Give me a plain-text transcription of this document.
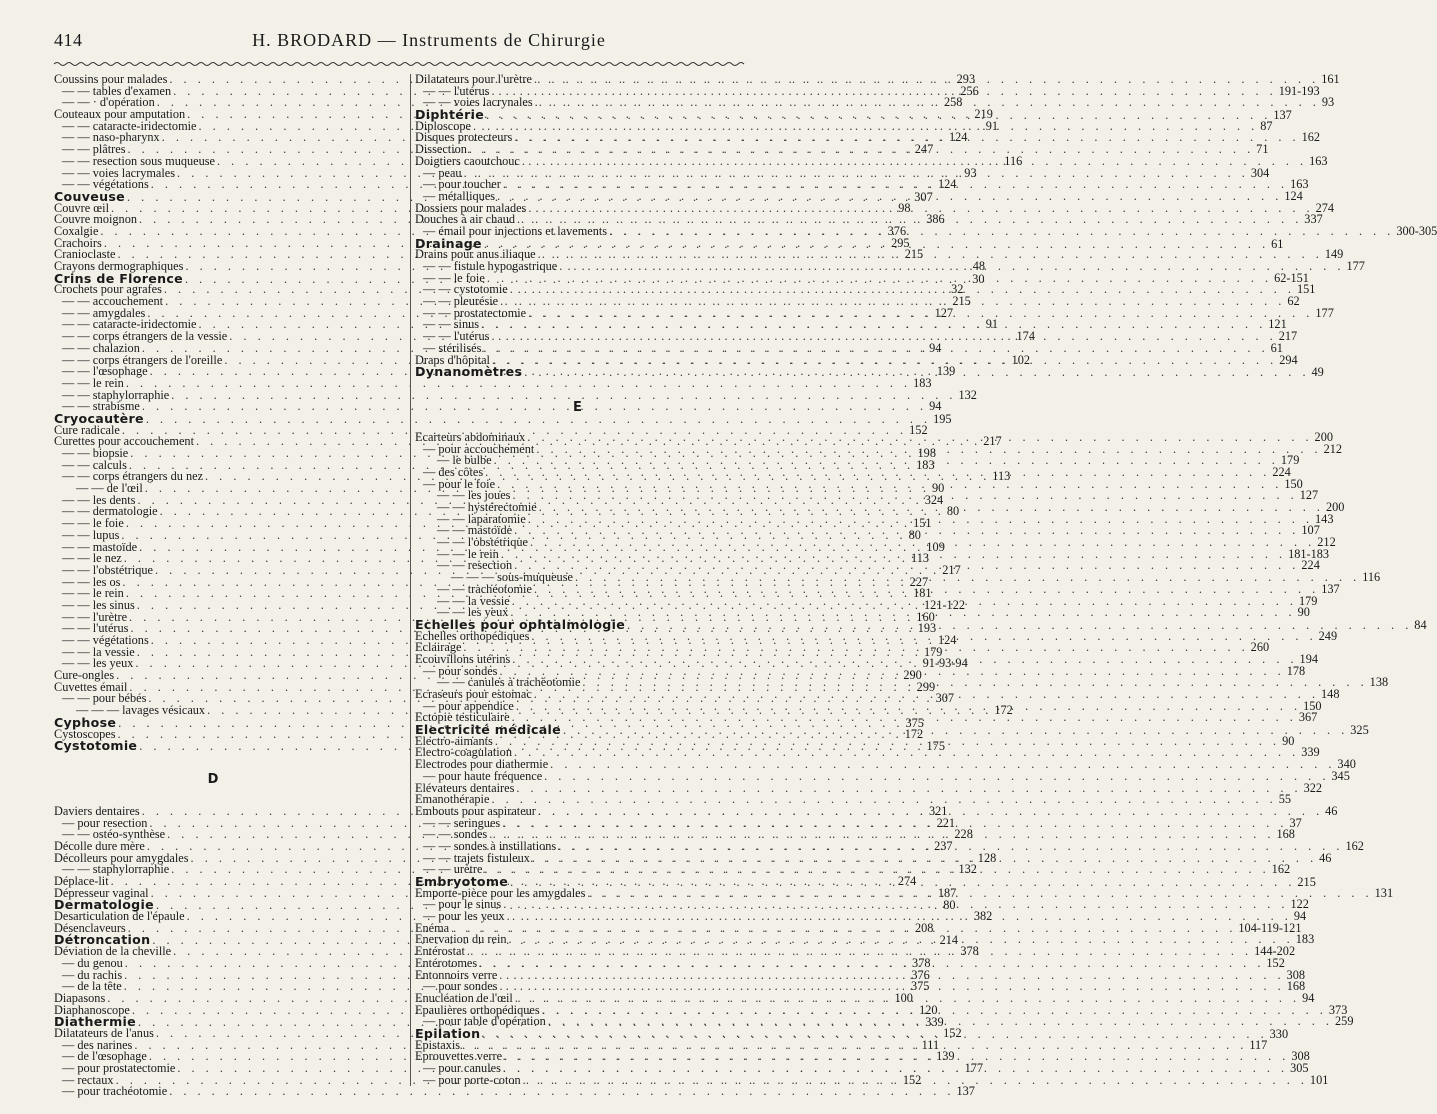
414	H. BRODARD — Instruments de Chirurgie
Coussins pour malades . . .	293
— — tables d'examen . . .	256
— — · d'opération . . .	258
Couteaux pour amputation . . .	219
— — cataracte-iridectomie . . .	91
— — naso-pharynx . . .	124
— — plâtres . . .	247
— — resection sous muqueuse . . .	116
— — voies lacrymales . . .	93
— — végétations . . .	124
Couveuse . . .	307
Couvre œil . . .	98
Couvre moignon . . .	386
Coxalgie . . .	376
Crachoirs . . .	295
Cranioclaste . . .	215
Crayons dermographiques . . .	48
Crins de Florence . . .	30
Crochets pour agrafes . . .	32
— — accouchement . . .	215
— — amygdales . . .	127
— — cataracte-iridectomie . . .	91
— — corps étrangers de la vessie . . .	174
— — chalazion . . .	94
— — corps étrangers de l'oreille . . .	102
— — l'œsophage . . .	139
— — le rein . . .	183
— — staphylorraphie . . .	132
— — strabisme . . .	94
Cryocautère . . .	195
Cure radicale . . .	152
Curettes pour accouchement . . .	217
— — biopsie . . .	198
— — calculs . . .	183
— — corps étrangers du nez . . .	113
— — de l'œil . . .	90
— — les dents . . .	324
— — dermatologie . . .	80
— — le foie . . .	151
— — lupus . . .	80
— — mastoïde . . .	109
— — le nez . . .	113
— — l'obstétrique . . .	217
— — les os . . .	227
— — le rein . . .	181
— — les sinus . . .	121-122
— — l'urètre . . .	160
— — l'utérus . . .	193
— — végétations . . .	124
— — la vessie . . .	179
— — les yeux . . .	91-93-94
Cure-ongles . . .	290
Cuvettes émail . . .	299
— — pour bébés . . .	307
— — — lavages vésicaux . . .	172
Cyphose . . .	375
Cystoscopes . . .	172
Cystotomie . . .	175
D
Daviers dentaires . . .	321
— pour resection . . .	221
— — ostéo-synthèse . . .	228
Décolle dure mère . . .	237
Décolleurs pour amygdales . . .	128
— — staphylorraphie . . .	132
Déplace-lit . . .	274
Dépresseur vaginal . . .	187
Dermatologie . . .	80
Desarticulation de l'épaule . . .	382
Désenclaveurs . . .	208
Détroncation . . .	214
Déviation de la cheville . . .	378
— du genou . . .	378
— du rachis . . .	376
— de la tête . . .	375
Diapasons . . .	100
Diaphanoscope . . .	120
Diathermie . . .	339
Dilatateurs de l'anus . . .	152
— des narines . . .	111
— de l'œsophage . . .	139
— pour prostatectomie . . .	177
— rectaux . . .	152
— pour trachéotomie . . .	137
Dilatateurs pour l'urètre . . .	161
— — l'utérus . . .	191-193
— — voies lacrynales . . .	93
Diphtérie . . .	137
Diploscope . . .	87
Disques protecteurs . . .	162
Dissection . . .	71
Doigtiers caoutchouc . . .	163
— peau . . .	304
— pour toucher . . .	163
— métalliques . . .	124
Dossiers pour malades . . .	274
Douches à air chaud . . .	337
— émail pour injections et lavements . . .	300-305
Drainage . . .	61
Drains pour anus iliaque . . .	149
— — fistule hypogastrique . . .	177
— — le foie . . .	62-151
— — cystotomie . . .	151
— — pleurésie . . .	62
— — prostatectomie . . .	177
— — sinus . . .	121
— — l'utérus . . .	217
— stérilisés . . .	61
Draps d'hôpital . . .	294
Dynanomètres . . .	49
E
Ecarteurs abdominaux . . .	200
— pour accouchement . . .	212
— le bulbe . . .	179
— des côtes . . .	224
— pour le foie . . .	150
— — les joues . . .	127
— — hystérectomie . . .	200
— — laparatomie . . .	143
— — mastoïde . . .	107
— — l'obstétrique . . .	212
— — le rein . . .	181-183
— — resection . . .	224
— — — sous-muqueuse . . .	116
— — trachéotomie . . .	137
— — la vessie . . .	179
— — les yeux . . .	90
Echelles pour ophtalmologie . . .	84
Echelles orthopédiques . . .	249
Eclairage . . .	260
Ecouvillons utérins . . .	194
— pour sondes . . .	178
— — canules à trachéotomie . . .	138
Ecraseurs pour estomac . . .	148
— pour appendice . . .	150
Ectopie testiculaire . . .	367
Electricité médicale . . .	325
Electro-aimants . . .	90
Electro-coagulation . . .	339
Electrodes pour diathermie . . .	340
— pour haute fréquence . . .	345
Elévateurs dentaires . . .	322
Emanothérapie . . .	55
Embouts pour aspirateur . . .	46
— — seringues . . .	37
— — sondes . . .	168
— — sondes à instillations . . .	162
— — trajets fistuleux . . .	46
— — urètre . . .	162
Embryotome . . .	215
Emporte-pièce pour les amygdales . . .	131
— pour le sinus . . .	122
— pour les yeux . . .	94
Enéma . . .	104-119-121
Enervation du rein . . .	183
Entérostat . . .	144-202
Entérotomes . . .	152
Entonnoirs verre . . .	308
— pour sondes . . .	168
Enucléation de l'œil . . .	94
Epaulières orthopédiques . . .	373
— pour table d'opération . . .	259
Epilation . . .	330
Epistaxis . . .	117
Eprouvettes verre . . .	308
— pour canules . . .	305
— pour porte-coton . . .	101
